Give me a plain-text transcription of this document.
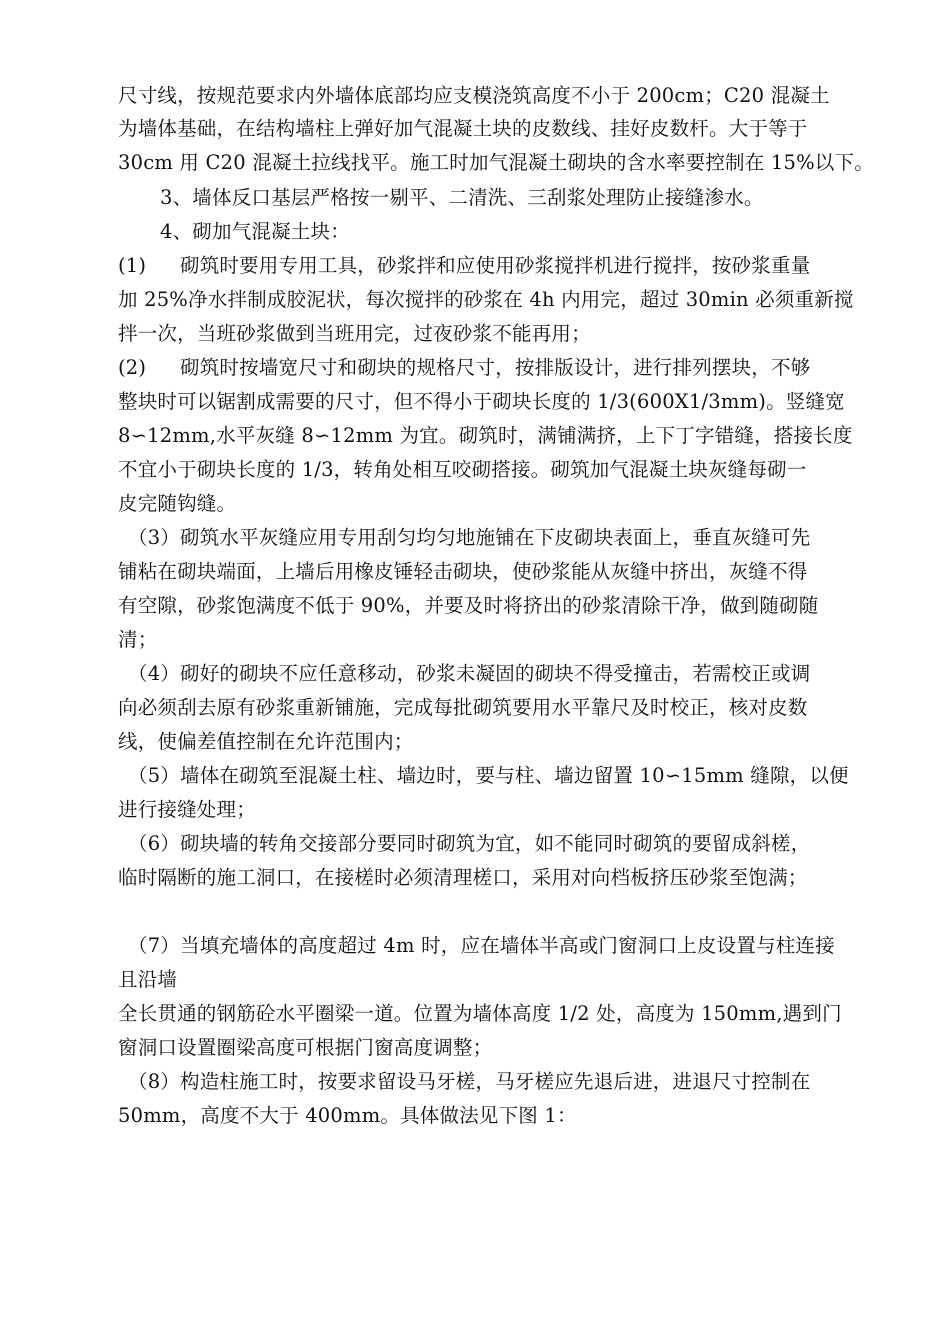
尺寸线，按规范要求内外墙体底部均应支模浇筑高度不小于 200cm；C20 混凝土
为墙体基础，在结构墙柱上弹好加气混凝土块的皮数线、挂好皮数杆。大于等于
30cm 用 C20 混凝土拉线找平。施工时加气混凝土砌块的含水率要控制在 15%以下。
3、墙体反口基层严格按一剔平、二清洗、三刮浆处理防止接缝渗水。
4、砌加气混凝土块：
(1) 砌筑时要用专用工具，砂浆拌和应使用砂浆搅拌机进行搅拌，按砂浆重量
加 25%净水拌制成胶泥状，每次搅拌的砂浆在 4h 内用完，超过 30min 必须重新搅
拌一次，当班砂浆做到当班用完，过夜砂浆不能再用；
(2) 砌筑时按墙宽尺寸和砌块的规格尺寸，按排版设计，进行排列摆块，不够
整块时可以锯割成需要的尺寸，但不得小于砌块长度的 1/3(600X1/3mm)。竖缝宽
8∽12mm,水平灰缝 8∽12mm 为宜。砌筑时，满铺满挤，上下丁字错缝，搭接长度
不宜小于砌块长度的 1/3，转角处相互咬砌搭接。砌筑加气混凝土块灰缝每砌一
皮完随钩缝。
（3）砌筑水平灰缝应用专用刮匀均匀地施铺在下皮砌块表面上，垂直灰缝可先
铺粘在砌块端面，上墙后用橡皮锤轻击砌块，使砂浆能从灰缝中挤出，灰缝不得
有空隙，砂浆饱满度不低于 90%，并要及时将挤出的砂浆清除干净，做到随砌随
清；
（4）砌好的砌块不应任意移动，砂浆未凝固的砌块不得受撞击，若需校正或调
向必须刮去原有砂浆重新铺施，完成每批砌筑要用水平靠尺及时校正，核对皮数
线，使偏差值控制在允许范围内；
（5）墙体在砌筑至混凝土柱、墙边时，要与柱、墙边留置 10∽15mm 缝隙，以便
进行接缝处理；
（6）砌块墙的转角交接部分要同时砌筑为宜，如不能同时砌筑的要留成斜槎，
临时隔断的施工洞口，在接槎时必须清理槎口，采用对向档板挤压砂浆至饱满；
（7）当填充墙体的高度超过 4m 时，应在墙体半高或门窗洞口上皮设置与柱连接
且沿墙
全长贯通的钢筋砼水平圈梁一道。位置为墙体高度 1/2 处，高度为 150mm,遇到门
窗洞口设置圈梁高度可根据门窗高度调整；
（8）构造柱施工时，按要求留设马牙槎，马牙槎应先退后进，进退尺寸控制在
50mm，高度不大于 400mm。具体做法见下图 1：
